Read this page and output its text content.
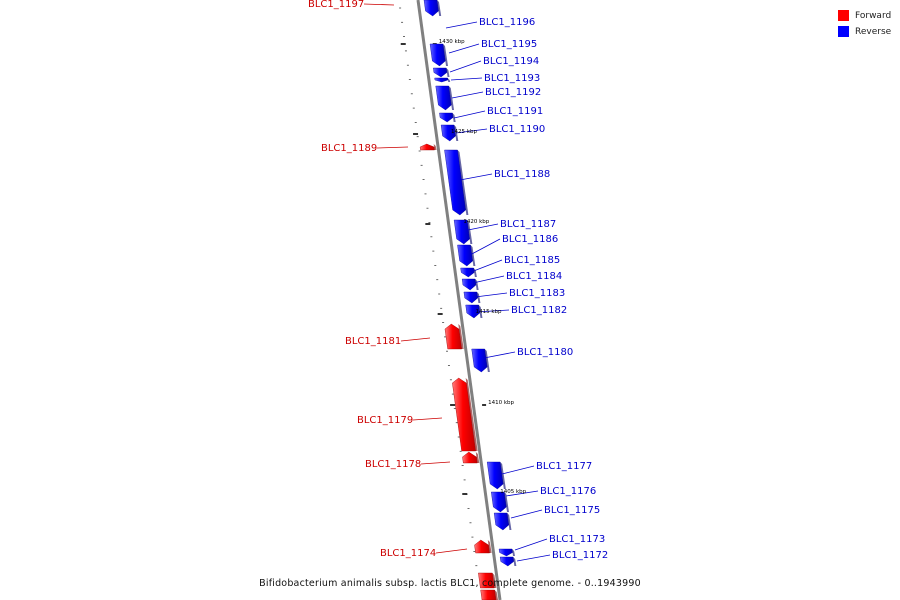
BLC1_1197
BLC1_1196
BLC1_1195
BLC1_1194
BLC1_1193
BLC1_1192
BLC1_1191
BLC1_1190
BLC1_1189
BLC1_1188
BLC1_1187
BLC1_1186
BLC1_1185
BLC1_1184
BLC1_1183
BLC1_1182
BLC1_1181
BLC1_1180
BLC1_1179
BLC1_1178	BLC1_1177
BLC1_1176
BLC1_1175
BLC1_1174
BLC1_1173
BLC1_1172
1430 kbp
1425 kbp
1420 kbp
1415 kbp
1410 kbp
1405 kbp
Forward
Reverse
Bifidobacterium animalis subsp. lactis BLC1, complete genome. - 0..1943990
